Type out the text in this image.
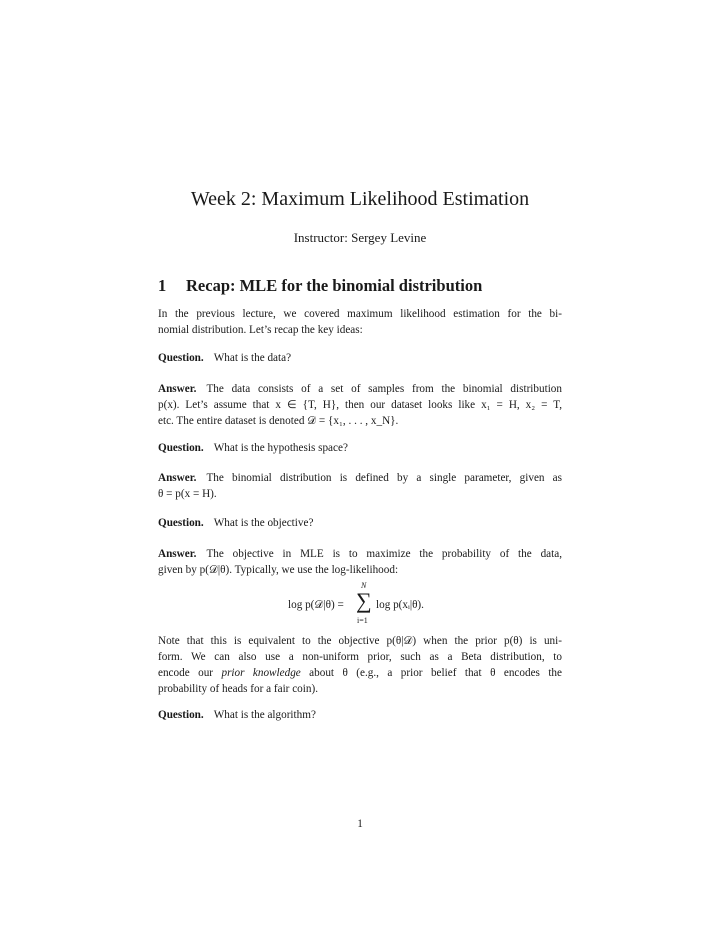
Week 2: Maximum Likelihood Estimation
Instructor: Sergey Levine
1 Recap: MLE for the binomial distribution
In the previous lecture, we covered maximum likelihood estimation for the bi-
nomial distribution. Let’s recap the key ideas:
Question. What is the data?
Answer. The data consists of a set of samples from the binomial distribution
p(x). Let’s assume that x ∈ {T, H}, then our dataset looks like x₁ = H, x₂ = T,
etc. The entire dataset is denoted 𝒟 = {x₁, . . . , x_N}.
Question. What is the hypothesis space?
Answer. The binomial distribution is defined by a single parameter, given as
θ = p(x = H).
Question. What is the objective?
Answer. The objective in MLE is to maximize the probability of the data,
given by p(𝒟|θ). Typically, we use the log-likelihood:
log p(𝒟|θ) =
N
∑
i=1
log p(xᵢ|θ).
Note that this is equivalent to the objective p(θ|𝒟) when the prior p(θ) is uni-
form. We can also use a non-uniform prior, such as a Beta distribution, to
encode our prior knowledge about θ (e.g., a prior belief that θ encodes the
probability of heads for a fair coin).
Question. What is the algorithm?
1
